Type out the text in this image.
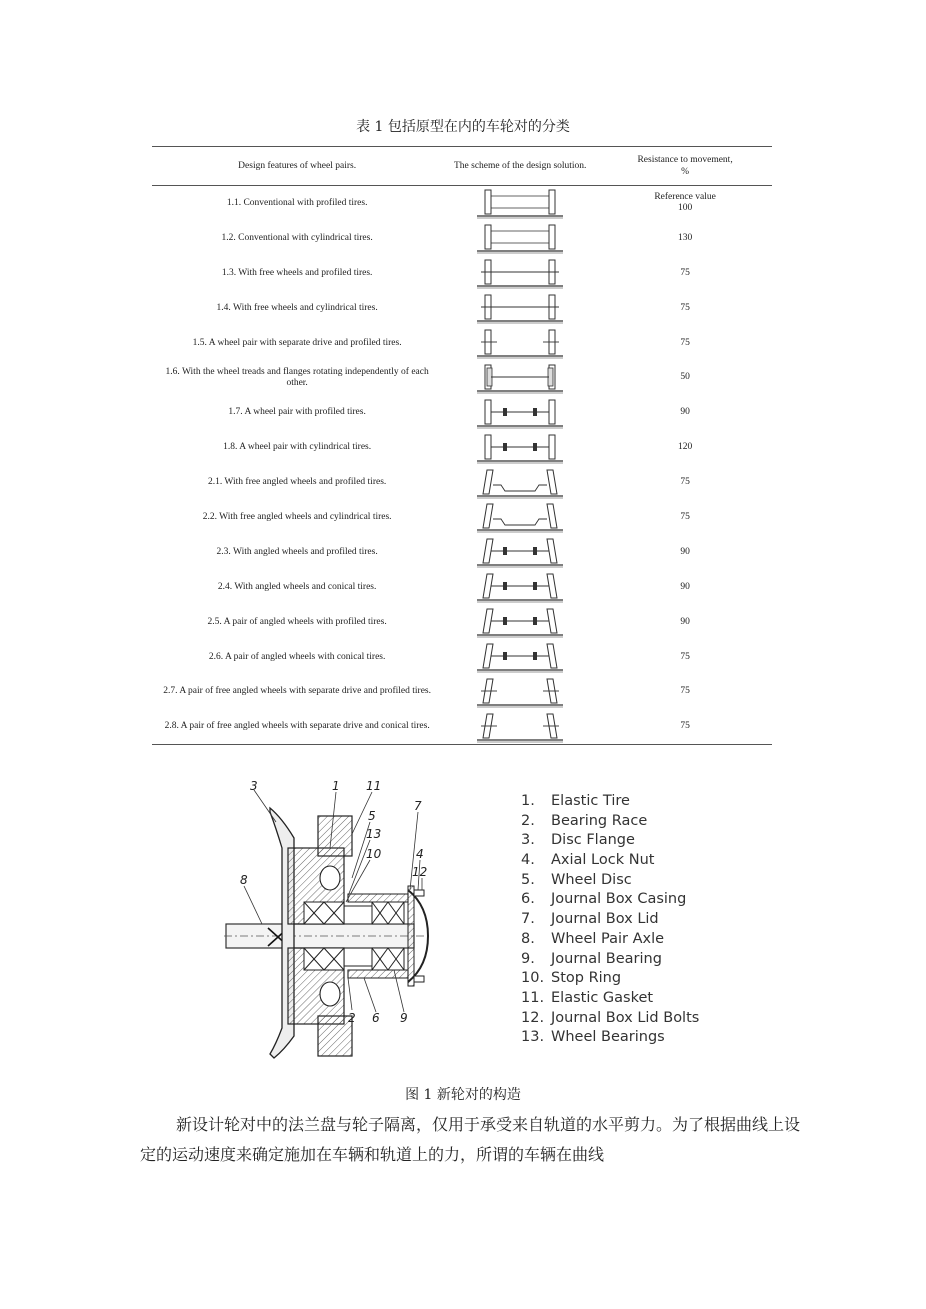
表 1 包括原型在内的车轮对的分类
Design features of wheel pairs.	The scheme of the design solution.	Resistance to movement,
%
1.1. Conventional with profiled tires.		Reference value
100
1.2. Conventional with cylindrical tires.		130
1.3. With free wheels and profiled tires.		75
1.4. With free wheels and cylindrical tires.		75
1.5. A wheel pair with separate drive and profiled tires.		75
1.6. With the wheel treads and flanges rotating independently of each other.		50
1.7. A wheel pair with profiled tires.		90
1.8. A wheel pair with cylindrical tires.		120
2.1. With free angled wheels and profiled tires.		75
2.2. With free angled wheels and cylindrical tires.		75
2.3. With angled wheels and profiled tires.		90
2.4. With angled wheels and conical tires.		90
2.5. A pair of angled wheels with profiled tires.		90
2.6. A pair of angled wheels with conical tires.		75
2.7. A pair of free angled wheels with separate drive and profiled tires.		75
2.8. A pair of free angled wheels with separate drive and conical tires.		75
3	1 11
7
5
13
10	4
12
8
2 6 9
1. Elastic Tire
2. Bearing Race
3. Disc Flange
4. Axial Lock Nut
5. Wheel Disc
6. Journal Box Casing
7. Journal Box Lid
8. Wheel Pair Axle
9. Journal Bearing
10. Stop Ring
11. Elastic Gasket
12. Journal Box Lid Bolts
13. Wheel Bearings
图 1 新轮对的构造
新设计轮对中的法兰盘与轮子隔离，仅用于承受来自轨道的水平剪力。为了根据曲线上设定的运动速度来确定施加在车辆和轨道上的力，所谓的车辆在曲线
